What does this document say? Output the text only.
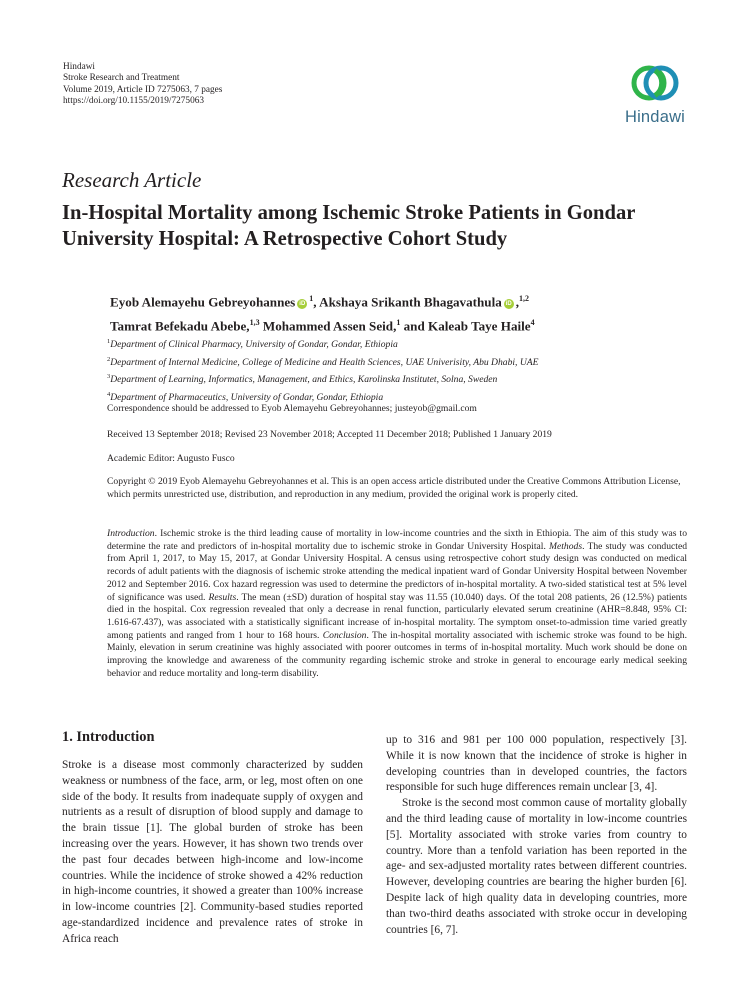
Hindawi
Stroke Research and Treatment
Volume 2019, Article ID 7275063, 7 pages
https://doi.org/10.1155/2019/7275063
Hindawi
Research Article
In-Hospital Mortality among Ischemic Stroke Patients in Gondar University Hospital: A Retrospective Cohort Study
Eyob Alemayehu Gebreyohannes $iD^1$, Akshaya Srikanth Bhagavathula iD ,$^{1,2}$
Tamrat Befekadu Abebe,$^{1,3}$ Mohammed Assen Seid,$^1$ and Kaleab Taye Haile$^4$
$^1$Department of Clinical Pharmacy, University of Gondar, Gondar, Ethiopia
$^2$Department of Internal Medicine, College of Medicine and Health Sciences, UAE Univerisity, Abu Dhabi, UAE
$^3$Department of Learning, Informatics, Management, and Ethics, Karolinska Institutet, Solna, Sweden
$^4$Department of Pharmaceutics, University of Gondar, Gondar, Ethiopia
Correspondence should be addressed to Eyob Alemayehu Gebreyohannes; justeyob@gmail.com
Received 13 September 2018; Revised 23 November 2018; Accepted 11 December 2018; Published 1 January 2019
Academic Editor: Augusto Fusco
Copyright © 2019 Eyob Alemayehu Gebreyohannes et al. This is an open access article distributed under the Creative Commons Attribution License, which permits unrestricted use, distribution, and reproduction in any medium, provided the original work is properly cited.
Introduction. Ischemic stroke is the third leading cause of mortality in low-income countries and the sixth in Ethiopia. The aim of this study was to determine the rate and predictors of in-hospital mortality due to ischemic stroke in Gondar University Hospital. Methods. The study was conducted from April 1, 2017, to May 15, 2017, at Gondar University Hospital. A census using retrospective cohort study design was conducted on medical records of adult patients with the diagnosis of ischemic stroke attending the medical inpatient ward of Gondar University Hospital between November 2012 and September 2016. Cox hazard regression was used to determine the predictors of in-hospital mortality. A two-sided statistical test at 5% level of significance was used. Results. The mean (±SD) duration of hospital stay was 11.55 (10.040) days. Of the total 208 patients, 26 (12.5%) patients died in the hospital. Cox regression revealed that only a decrease in renal function, particularly elevated serum creatinine (AHR=8.848, 95% CI: 1.616-67.437), was associated with a statistically significant increase of in-hospital mortality. The symptom onset-to-admission time varied greatly among patients and ranged from 1 hour to 168 hours. Conclusion. The in-hospital mortality associated with ischemic stroke was found to be high. Mainly, elevation in serum creatinine was highly associated with poorer outcomes in terms of in-hospital mortality. Much work should be done on improving the knowledge and awareness of the community regarding ischemic stroke and stroke in general to encourage early medical seeking behavior and reduce mortality and long-term disability.
1. Introduction

Stroke is a disease most commonly characterized by sudden weakness or numbness of the face, arm, or leg, most often on one side of the body. It results from inadequate supply of oxygen and nutrients as a result of disruption of blood supply and damage to the brain tissue [1]. The global burden of stroke has been increasing over the years. However, it has shown two trends over the past four decades between high-income and low-income countries. While the incidence of stroke showed a 42% reduction in high-income countries, it showed a greater than 100% increase in low-income countries [2]. Community-based studies reported age-standardized incidence and prevalence rates of stroke in Africa reach

up to 316 and 981 per 100 000 population, respectively [3]. While it is now known that the incidence of stroke is higher in developing countries than in developed countries, the factors responsible for such huge differences remain unclear [3, 4].

Stroke is the second most common cause of mortality globally and the third leading cause of mortality in low-income countries [5]. Mortality associated with stroke varies from country to country. More than a tenfold variation has been reported in the age- and sex-adjusted mortality rates between different countries. However, developing countries are bearing the higher burden [6]. Despite lack of high quality data in developing countries, more than two-third deaths associated with stroke occur in developing countries [6, 7].
